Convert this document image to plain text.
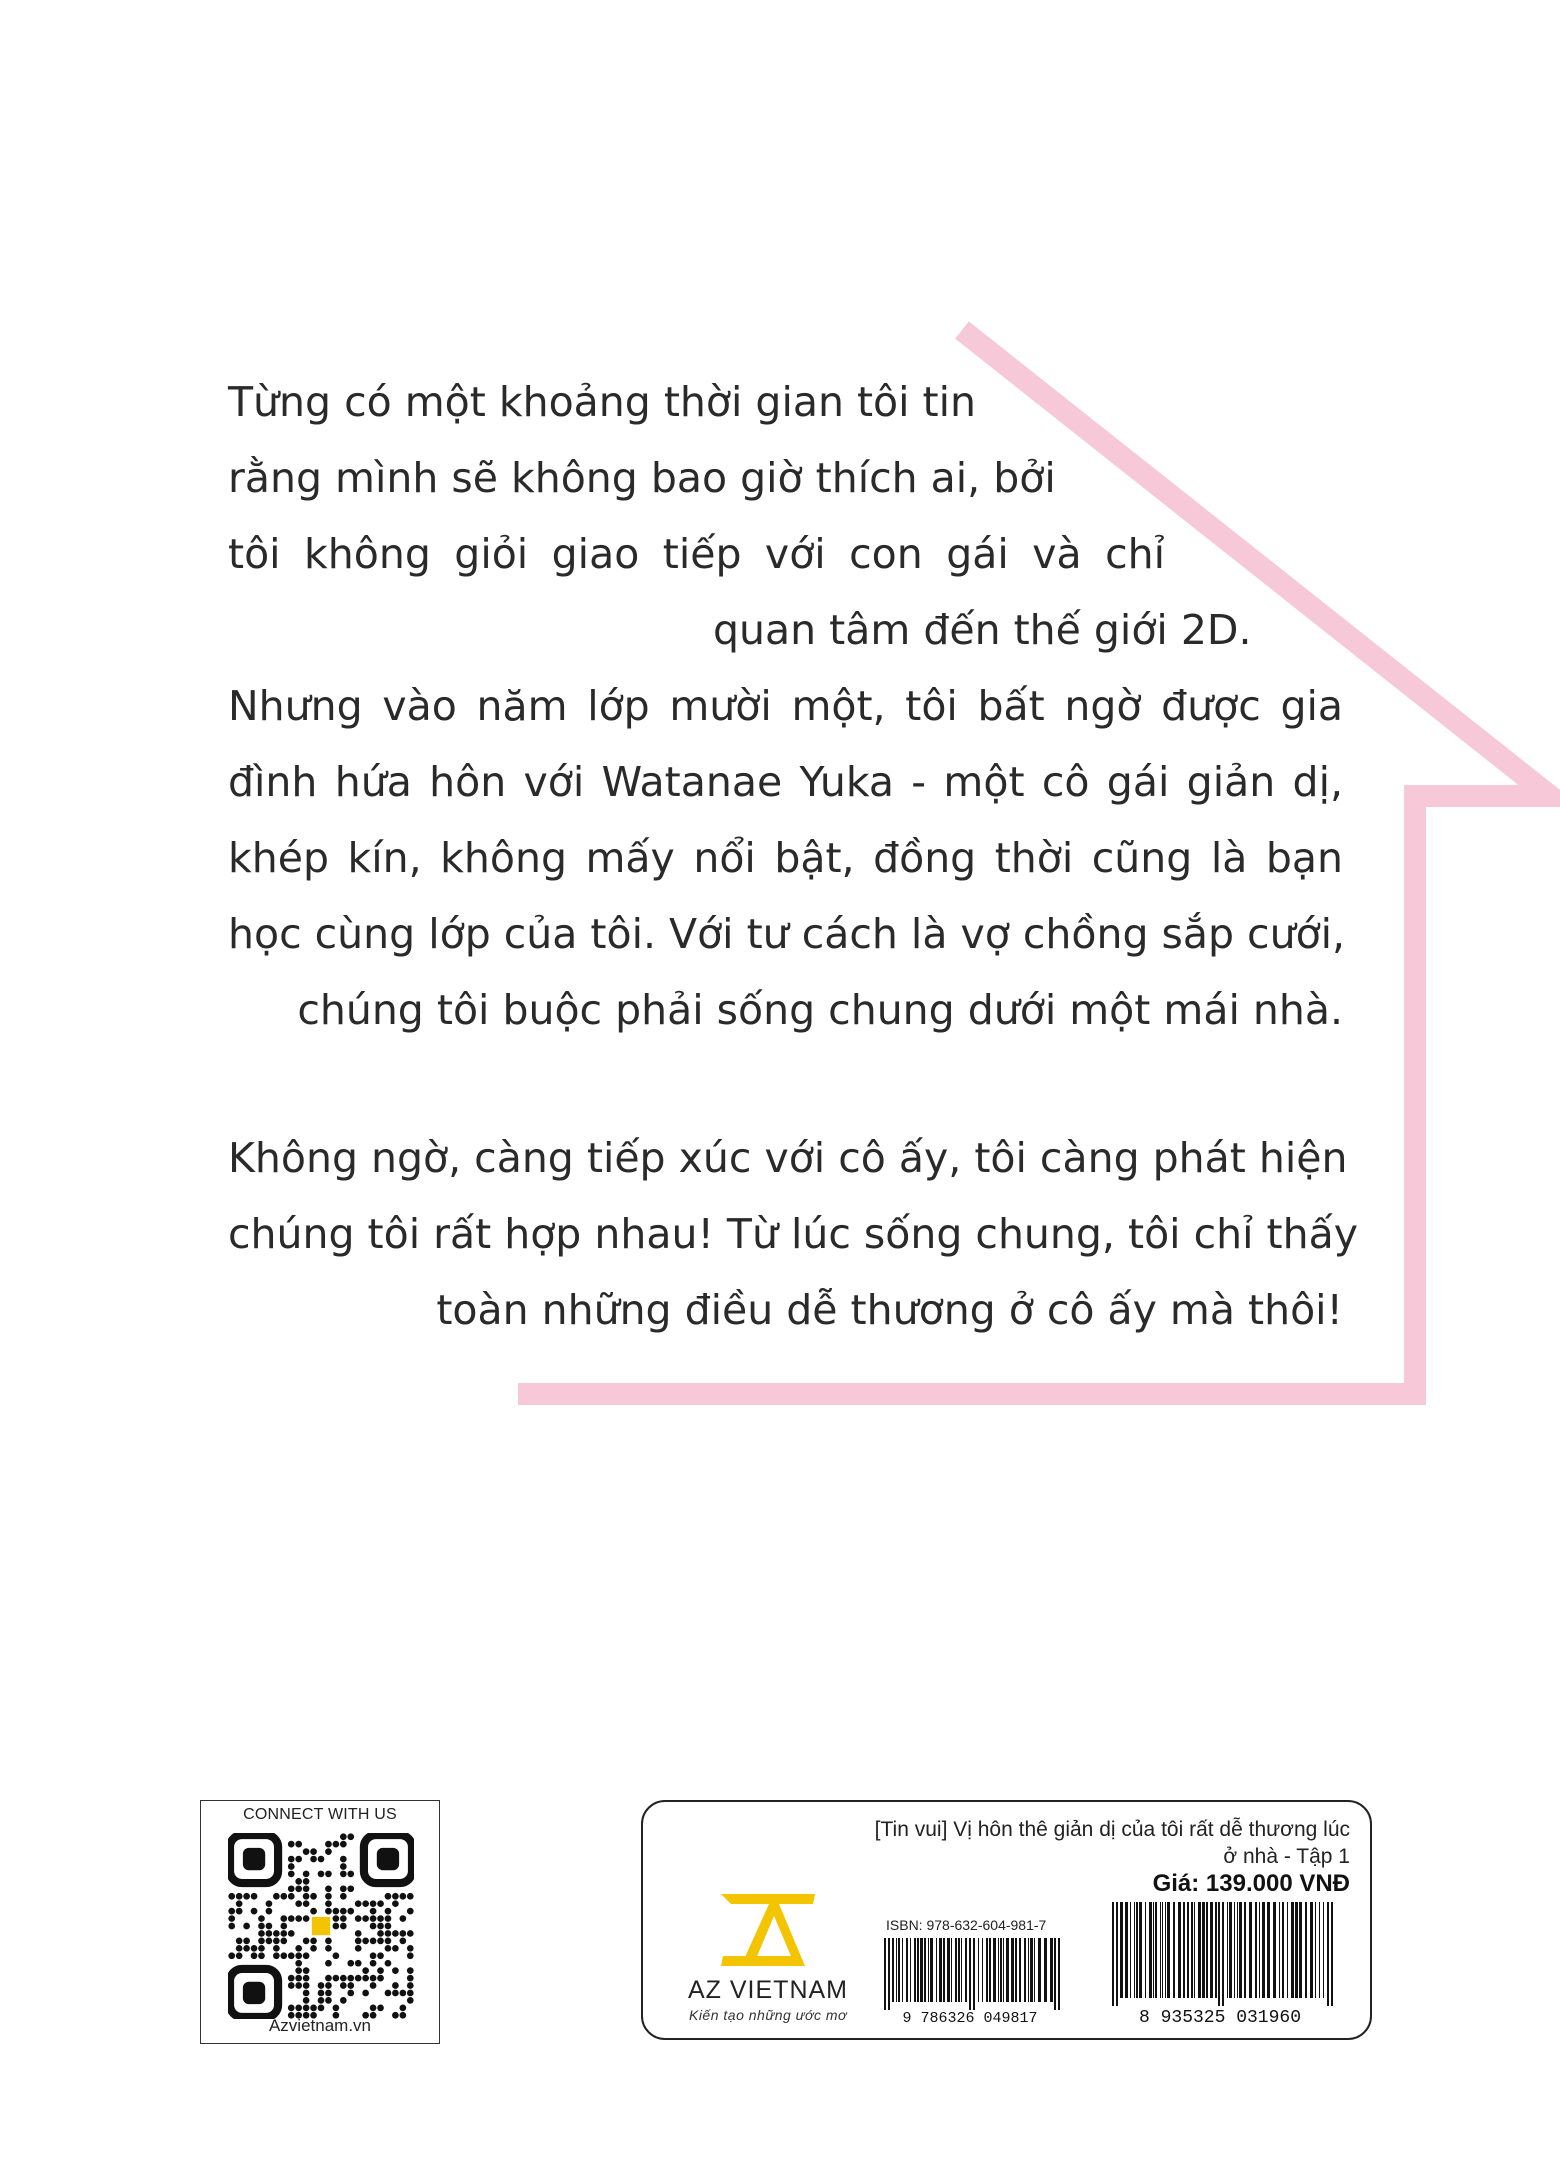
Từng có một khoảng thời gian tôi tin
rằng mình sẽ không bao giờ thích ai, bởi
tôi không giỏi giao tiếp với con gái và chỉ
quan tâm đến thế giới 2D.
Nhưng vào năm lớp mười một, tôi bất ngờ được gia
đình hứa hôn với Watanae Yuka - một cô gái giản dị,
khép kín, không mấy nổi bật, đồng thời cũng là bạn
học cùng lớp của tôi. Với tư cách là vợ chồng sắp cưới,
chúng tôi buộc phải sống chung dưới một mái nhà.
Không ngờ, càng tiếp xúc với cô ấy, tôi càng phát hiện
chúng tôi rất hợp nhau! Từ lúc sống chung, tôi chỉ thấy
toàn những điều dễ thương ở cô ấy mà thôi!
CONNECT WITH US
Azvietnam.vn
AZ VIETNAM
Kiến tạo những ước mơ
[Tin vui] Vị hôn thê giản dị của tôi rất dễ thương lúc ở nhà - Tập 1
Giá: 139.000 VNĐ
ISBN: 978-632-604-981-7
9 786326 049817	8 935325 031960
